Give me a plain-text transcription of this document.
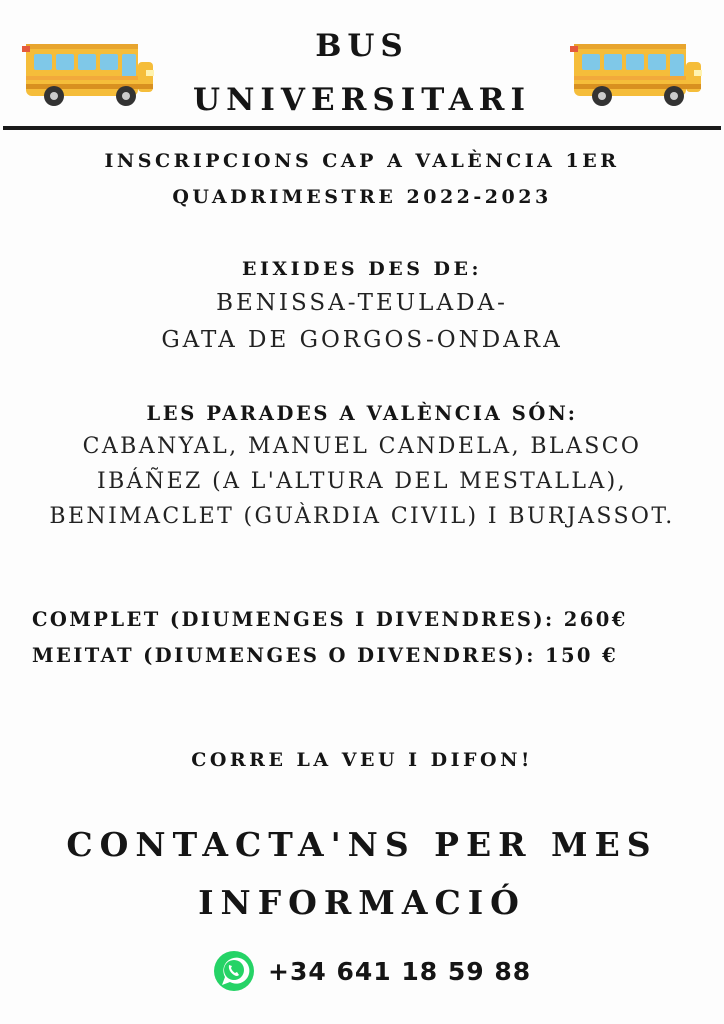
BUS
UNIVERSITARI
INSCRIPCIONS CAP A VALÈNCIA 1ER
QUADRIMESTRE 2022-2023
EIXIDES DES DE:
BENISSA-TEULADA-
GATA DE GORGOS-ONDARA
LES PARADES A VALÈNCIA SÓN:
CABANYAL, MANUEL CANDELA, BLASCO
IBÁÑEZ (A L'ALTURA DEL MESTALLA),
BENIMACLET (GUÀRDIA CIVIL) I BURJASSOT.
COMPLET (DIUMENGES I DIVENDRES): 260€
MEITAT (DIUMENGES O DIVENDRES): 150 €
CORRE LA VEU I DIFON!
CONTACTA'NS PER MES
INFORMACIÓ
+34 641 18 59 88
